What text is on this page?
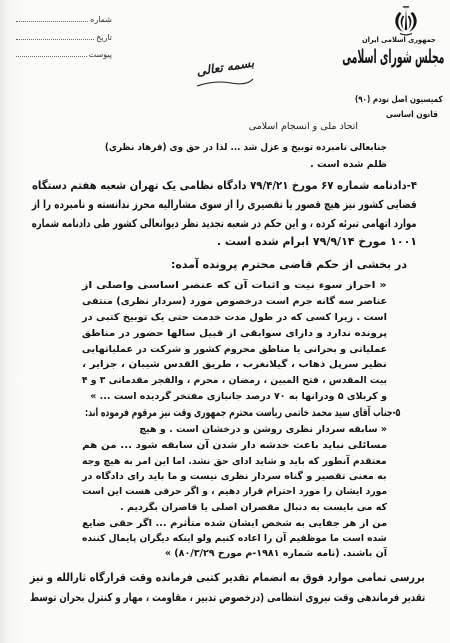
جمهوری اسلامی ایران
مجلس شورای اسلامی
کمیسیون اصل نودم (۹۰)
قانون اساسی
شماره
تاریخ
پیوست
بسمه تعالی
اتحاد ملی و انسجام اسلامی
جنابعالی نامبرده توبیخ و عزل شد ... لذا در حق وی (فرهاد نظری)
ظلم شده است .
۴-دادنامه شماره ۶۷ مورخ ۷۹/۴/۲۱ دادگاه نظامی یک تهران شعبه هفتم دستگاه
قضایی کشور نیز هیچ قصور یا تقصیری را از سوی مشارالیه محرز ندانسته و نامبرده را از
موارد اتهامی تبرئه کرده ، و این حکم در شعبه تجدید نظر دیوانعالی کشور طی دادنامه شماره
۱۰۰۱ مورخ ۷۹/۹/۱۴ ابرام شده است .
در بخشی از حکم قاضی محترم پرونده آمده:
« احراز سوء نیت و اثبات آن که عنصر اساسی واصلی از
عناصر سه گانه جرم است درخصوص مورد (سردار نظری) منتفی
است . زیرا کسی که در طول مدت خدمت حتی یک توبیخ کتبی در
پرونده ندارد و دارای سوابقی از قبیل سالها حضور در مناطق
عملیاتی و بحرانی یا مناطق محروم کشور و شرکت در عملیاتهایی
نظیر سرپل ذهاب ، گیلانغرب ، طریق القدس شیبان ، جزایر ،
بیت المقدس ، فتح المبین ، رمضان ، محرم ، والفجر مقدماتی ۳ و ۴
و کربلای ۵ ودرانها به ۷۰ درصد جانبازی مفتخر گردیده است ... »
۵-جناب آقای سید محمد خاتمی ریاست محترم جمهوری وقت نیز مرقوم فرموده اند:
« سابقه سردار نظری روشن و درخشان است . و هیچ
مسائلی نباید باعث خدشه دار شدن آن سابقه شود ... من هم
معتقدم آنطور که باید و شاید ادای حق نشد. اما این امر به هیچ وجه
به معنی تقصیر و گناه سردار نظری نیست و ما باید رای دادگاه در
مورد ایشان را مورد احترام قرار دهیم ، و اگر حرفی هست این است
که می بایست به دنبال مقصران اصلی یا قاصران بگردیم .
من از هر جفایی به شخص ایشان شده متأثرم ... اگر حقی ضایع
شده است ما موظفیم آن را اعاده کنیم ولو اینکه دیگران پایمال کننده
آن باشند. (نامه شماره ۱۹۸۱-م مورخ ۸۰/۳/۲۹) »
بررسی تمامی موارد فوق به انضمام تقدیر کتبی فرمانده وقت قرارگاه ثارالله و نیز
تقدیر فرماندهی وقت نیروی انتظامی (درخصوص تدبیر ، مقاومت ، مهار و کنترل بحران توسط
